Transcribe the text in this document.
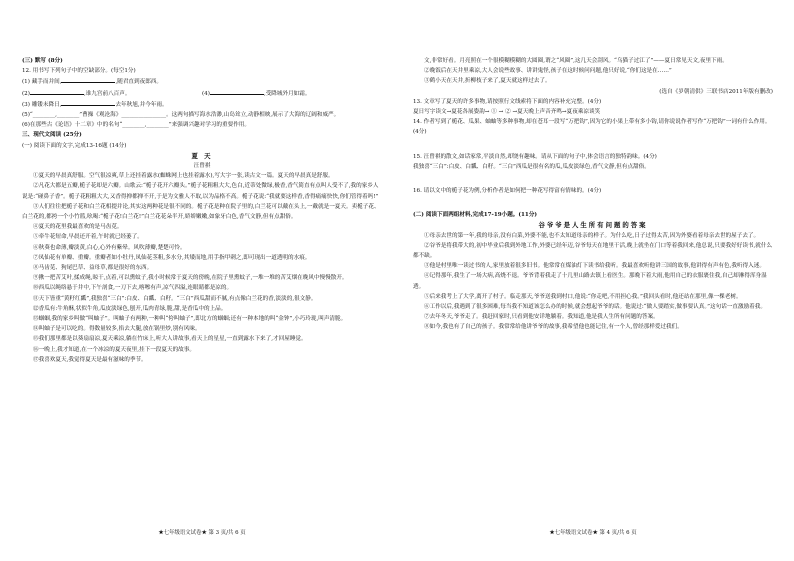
(三) 默写 (8分)

12. 用书写下列句子中的空缺部分。(每空1分)

(1) 藏手而并间,	,随君直到夜郎西。
(2)	,谁九宫前八百声。	(4)	,受降城外月如霜。
(3) 雕镂未降日,	去年秋旭,并今年雨。

(5)“________,________”曹操《观沧海》________________。这两句描写海水浩渺,山岛耸立,动静相映,展示了大海的辽阔和威严。

(6)在那些古《论语》十二章》中的名句“________,________”来强调兴趣对学习的重要作用。

三、现代文阅读 (25分)

(一) 阅读下面的文字,完成13-16题 (14分)

夏 天

汪曾祺

①夏天的早晨真舒服。空气很凉爽,草上还挂着露水(蜘蛛网上也挂着露水),写大字一张,读古文一篇。夏天的早晨真是舒服。

②凡花大都是五瓣,栀子花却是六瓣。山歌云:“栀子花开六瓣头。”栀子花粗粗大大,色白,近蒂处微绿,极香,香气简直有点叫人受不了,我的家乡人说是:“碰鼻子香”。栀子花粗粗大大,又香得掸都掸不开,于是为文雅人不取,以为品格不高。栀子花说:“我就要这样香,香得痛痛快快,你们管得着吗!”

③人们往往把栀子花和白兰花相提并论,其实这两种花是很不同的。栀子花是种在院子里的,白兰花可以戴在头上,一戴就是一夏天。卖栀子花、白兰花的,都挎一个小竹篮,吆喝:“栀子花!白兰花!”白兰花花朵半开,娇娇嫩嫩,如象牙白色,香气文静,但有点甜俗。

④夏天的花里我最喜欢的是马齿苋。

⑤牵牛花短命,早晨还开着,午时就已经萎了。

⑥秋葵也命薄,瓣淡黄,白心,心外有紫晕。风吹薄瓣,楚楚可怜。

⑦凤仙花有单瓣、重瓣。重瓣者如小牡丹,凤仙花茎粗,多水分,其矮而地,用手指甲刺之,即可现出一道透明的水痕。

⑧马齿苋、狗尾巴草、益母草,都是很好的东西。

⑨揪一把苦艾叶,揉成绳,晾干,点着,可以熏蚊子,我小时候常于夏天的傍晚,在院子里熏蚊子,一堆一堆的苦艾烟在晚风中慢慢散开。

⑩西瓜以绳络悬于井中,下午剖食,一刀下去,喀嚓有声,凉气四溢,连眼睛都是凉的。

⑪天下皆重“黄籽红瓤”,我独喜“三白”:白皮、白瓤、白籽。“三白”西瓜甜而不腻,有点像白兰花的香,淡淡的,很文静。

⑫香瓜有:牛角酥,状似牛角,瓜皮淡绿色,刨开,瓜肉青绿,脆,甜,是香瓜中的上品。

⑬蝈蝈,我的家乡叫做“叫蚰子”。叫蚰子有两种,一种叫“侉叫蚰子”,即北方的蝈蝈;还有一种本地的叫“金钟”,小巧玲珑,叫声清脆。

⑭叫蚰子是可以吃的。得数量较多,掐去大腿,放在锅里炒,别有风味。

⑮我们那里都是以葵扇扇凉,夏天乘凉,躺在竹床上,听大人讲故事,看天上的星星,一直到露水下来了,才回屋睡觉。

⑯一晚上,我才知道,在一个冰凉的夏天夜里,挂下一段夏天的故事。

⑰我喜欢夏天,我觉得夏天是最有滋味的季节。

★七年级语文试卷★ 第 3 页/共 6 页

文,非常好看。月亮照在一个很模糊模糊的大圆圈,谓之“风圈”,这几天会刮风。“乌猫子过江了”——夏日常见天文,夜里下雨。

②晚饭后在天井里乘凉,大人会说些故事、讲讲鬼怪,孩子在这时候问问题,他只好说,“你们这是在……”

③鹤小天在天井,折柳枝子来了,夏天就这样过去了。

(选自《岁朝清供》三联书店2011年版有删改)

13. 文章写了夏天的许多事物,请按照行文线索将下面的内容补充完整。(4分)

夏日写字读文→夏花各展姿韵→ ① → ② →夏天晚上声音齐鸣→夏夜乘凉谈笑

14. 作者写到了栀花、瓜果、蚰蚰等多种事物,却在苍耳一段写“万把钩”,因为它的小果上带有多小钩,请你说说作者写作“万把钩”一词有什么作用。(4分)

15. 汪曾祺的散文,如话家常,平淡自然,却饶有趣味。请从下面的句子中,体会语言的独特韵味。(4分)

我独喜“三白”:白皮、白瓤、白籽。“三白”西瓜是很有名的瓜,瓜皮淡绿色,香气文静,但有点甜俗。

16. 请以文中的栀子花为例,分析作者是如何把一种花写得富有情味的。(4分)

(二) 阅读下面两组材料,完成17-19小题。(11分)

谷爷爷是人生所有问题的答案

①母亲去世的第一年,我的母亲,没有白菜,外婆不能,也不太知道母亲的样子。为什么吃,日子过得太苦,因为外婆看着母亲去世的屋子去了。

②谷爷是将我带大的,初中毕业后我到外地工作,外婆已经年迈,谷爷每天在地里干活,晚上就坐在门口等着我回来,他总说,只要我好好读书,就什么都不缺。

③他是村里唯一读过书的人,家里放着很多旧书。他常常在煤油灯下读书给我听。我最喜欢听他讲三国的故事,他讲得有声有色,我听得入迷。

④记得那年,我生了一场大病,高烧不退。爷爷背着我走了十几里山路去镇上看医生。那晚下着大雨,他用自己的衣服裹住我,自己却淋得浑身湿透。

⑤后来我考上了大学,离开了村子。临走那天,爷爷送我到村口,他说:“你走吧,不用担心我。”我回头看时,他还站在那里,像一棵老树。

⑥工作以后,我遇到了很多困难,每当我不知道该怎么办的时候,就会想起爷爷的话。他说过:“做人要踏实,做事要认真。”这句话一直激励着我。

⑦去年冬天,爷爷走了。我赶回家时,只看到他安详地躺着。我知道,他是我人生所有问题的答案。

⑧如今,我也有了自己的孩子。我常常给他讲爷爷的故事,我希望他也能记住,有一个人,曾经那样爱过我们。

★七年级语文试卷★ 第 4 页/共 6 页
